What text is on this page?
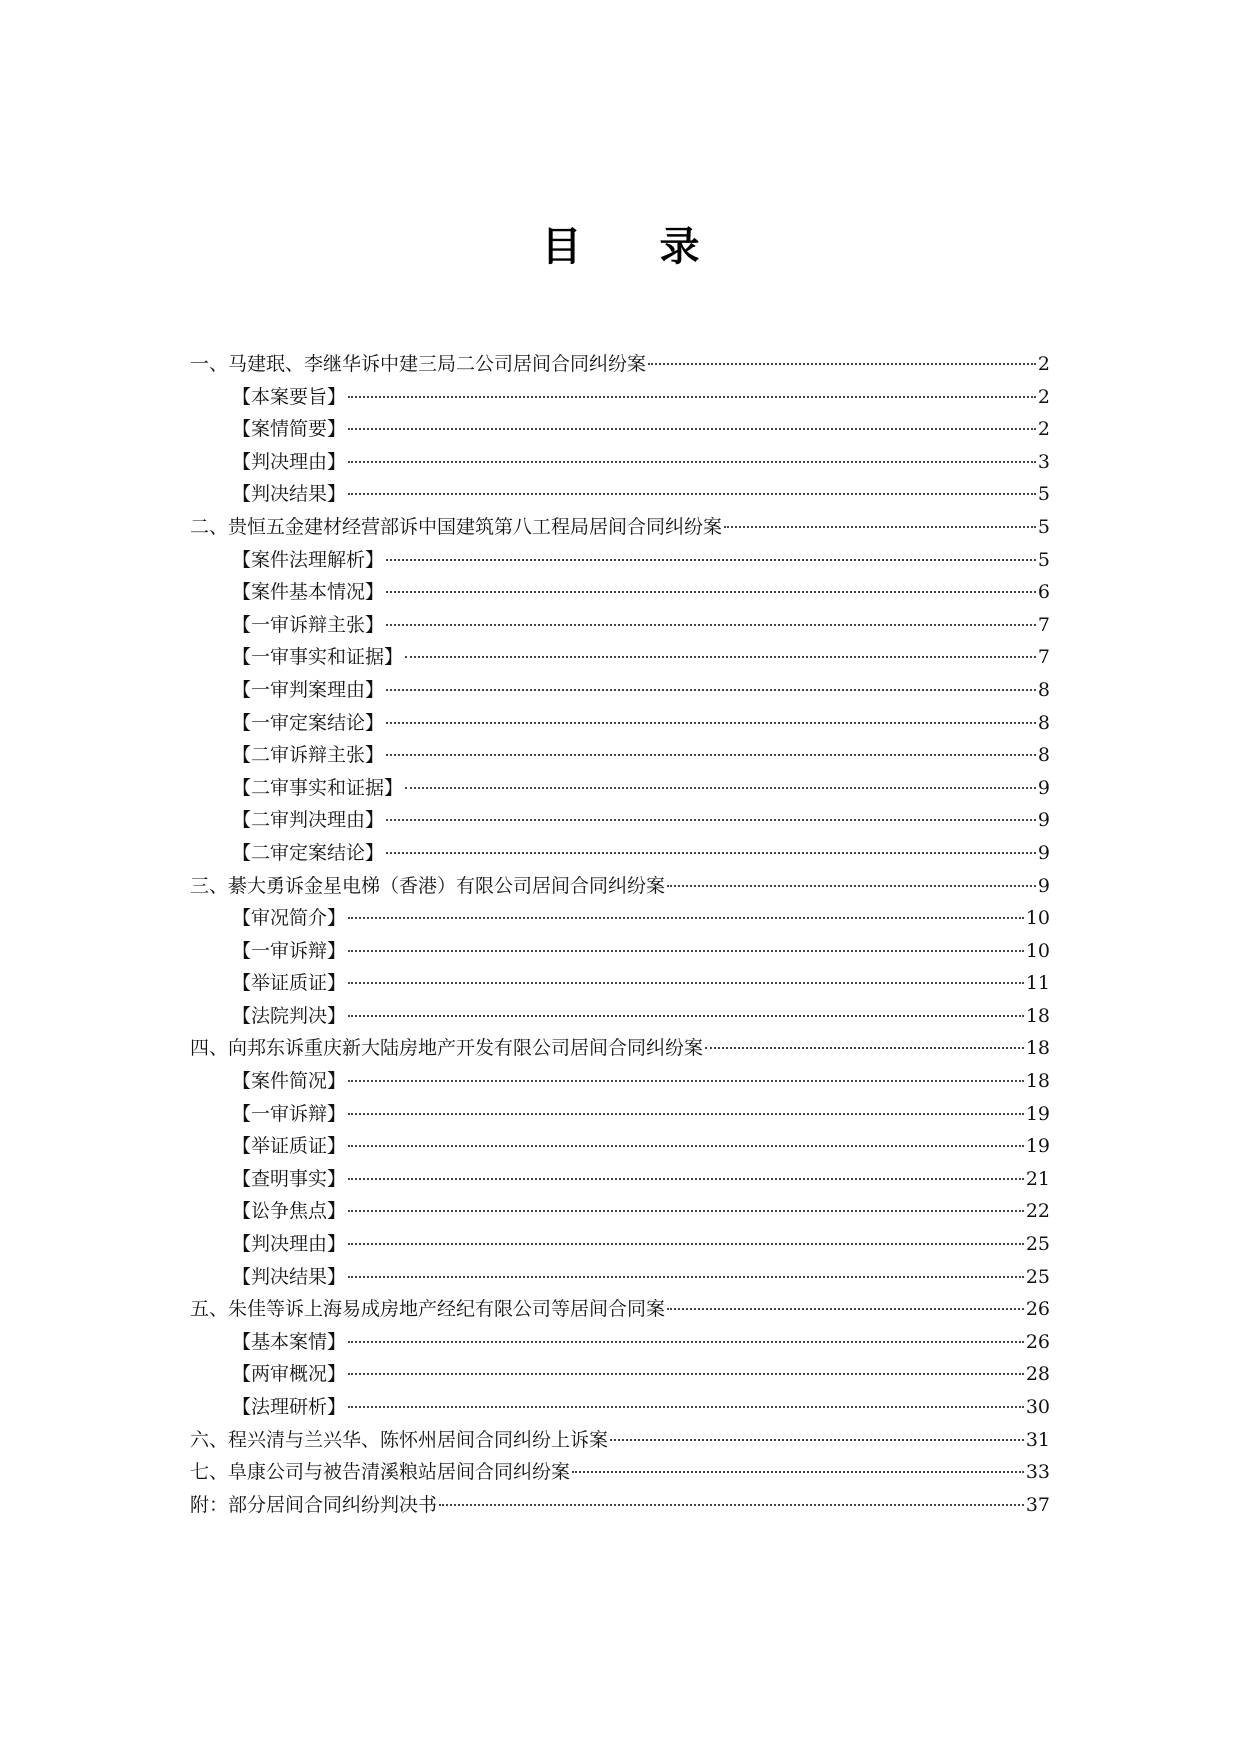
目 录
一、马建珉、李继华诉中建三局二公司居间合同纠纷案	2
【本案要旨】	2
【案情简要】	2
【判决理由】	3
【判决结果】	5
二、贵恒五金建材经营部诉中国建筑第八工程局居间合同纠纷案	5
【案件法理解析】	5
【案件基本情况】	6
【一审诉辩主张】	7
【一审事实和证据】	7
【一审判案理由】	8
【一审定案结论】	8
【二审诉辩主张】	8
【二审事实和证据】	9
【二审判决理由】	9
【二审定案结论】	9
三、綦大勇诉金星电梯（香港）有限公司居间合同纠纷案	9
【审况简介】	10
【一审诉辩】	10
【举证质证】	11
【法院判决】	18
四、向邦东诉重庆新大陆房地产开发有限公司居间合同纠纷案	18
【案件简况】	18
【一审诉辩】	19
【举证质证】	19
【查明事实】	21
【讼争焦点】	22
【判决理由】	25
【判决结果】	25
五、朱佳等诉上海易成房地产经纪有限公司等居间合同案	26
【基本案情】	26
【两审概况】	28
【法理研析】	30
六、程兴清与兰兴华、陈怀州居间合同纠纷上诉案	31
七、阜康公司与被告清溪粮站居间合同纠纷案	33
附：部分居间合同纠纷判决书	37
